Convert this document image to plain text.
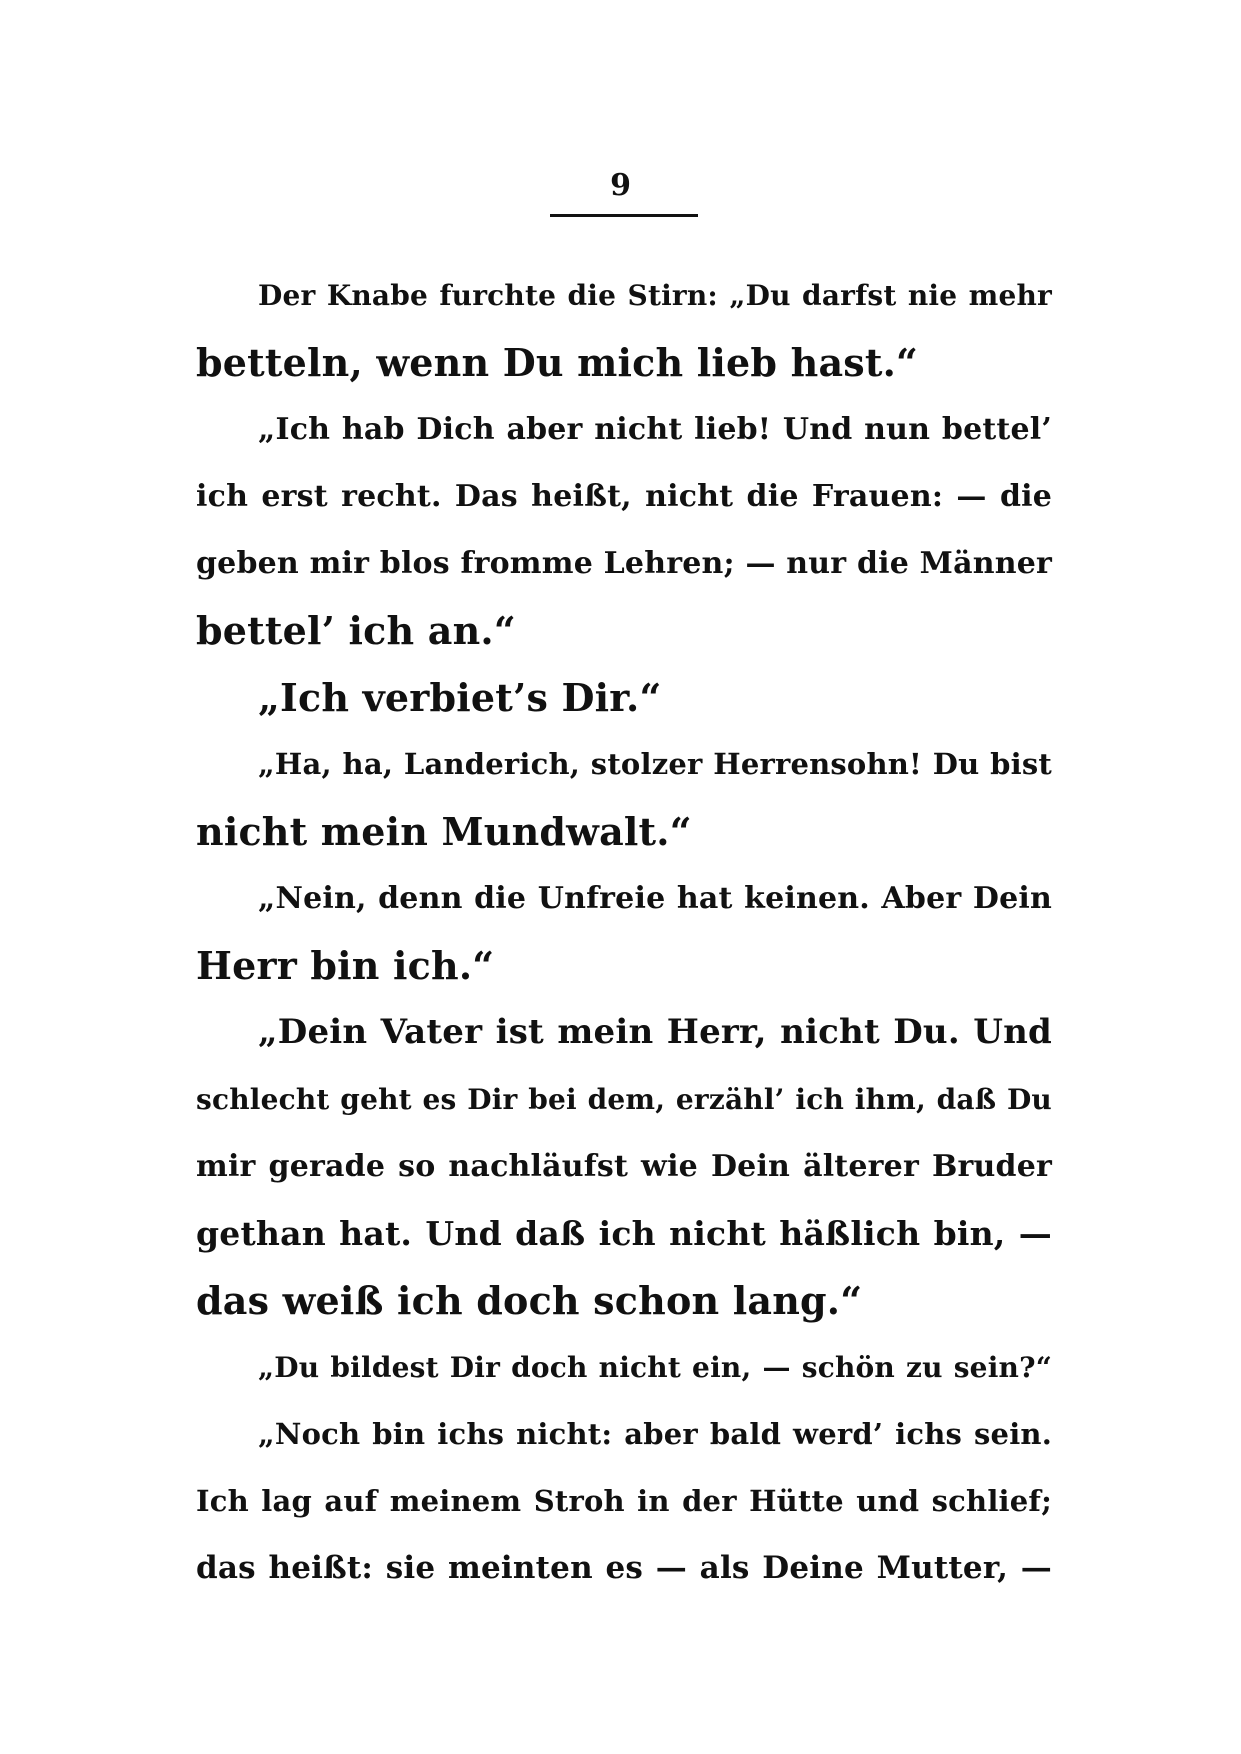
9
Der Knabe furchte die Stirn: „Du darfst nie mehr
betteln, wenn Du mich lieb hast.“
„Ich hab Dich aber nicht lieb! Und nun bettel’
ich erst recht. Das heißt, nicht die Frauen: — die
geben mir blos fromme Lehren; — nur die Männer
bettel’ ich an.“
„Ich verbiet’s Dir.“
„Ha, ha, Landerich, stolzer Herrensohn! Du bist
nicht mein Mundwalt.“
„Nein, denn die Unfreie hat keinen. Aber Dein
Herr bin ich.“
„Dein Vater ist mein Herr, nicht Du. Und
schlecht geht es Dir bei dem, erzähl’ ich ihm, daß Du
mir gerade so nachläufst wie Dein älterer Bruder
gethan hat. Und daß ich nicht häßlich bin, —
das weiß ich doch schon lang.“
„Du bildest Dir doch nicht ein, — schön zu sein?“
„Noch bin ichs nicht: aber bald werd’ ichs sein.
Ich lag auf meinem Stroh in der Hütte und schlief;
das heißt: sie meinten es — als Deine Mutter, —
